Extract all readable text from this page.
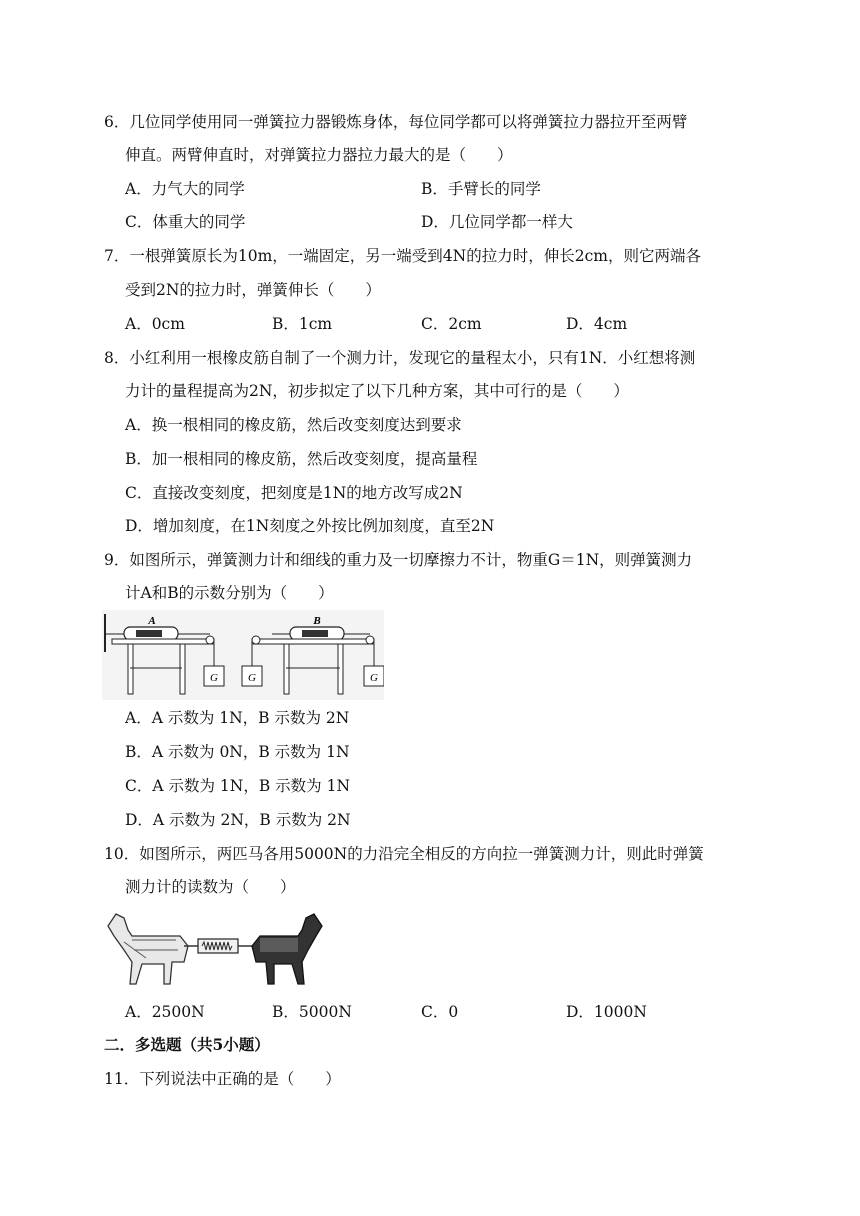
6．几位同学使用同一弹簧拉力器锻炼身体，每位同学都可以将弹簧拉力器拉开至两臂
伸直。两臂伸直时，对弹簧拉力器拉力最大的是（　　）
A．力气大的同学	B．手臂长的同学
C．体重大的同学	D．几位同学都一样大
7．一根弹簧原长为10m，一端固定，另一端受到4N的拉力时，伸长2cm，则它两端各
受到2N的拉力时，弹簧伸长（　　）
A．0cm	B．1cm	C．2cm	D．4cm
8．小红利用一根橡皮筋自制了一个测力计，发现它的量程太小，只有1N．小红想将测
力计的量程提高为2N，初步拟定了以下几种方案，其中可行的是（　　）
A．换一根相同的橡皮筋，然后改变刻度达到要求
B．加一根相同的橡皮筋，然后改变刻度，提高量程
C．直接改变刻度，把刻度是1N的地方改写成2N
D．增加刻度，在1N刻度之外按比例加刻度，直至2N
9．如图所示，弹簧测力计和细线的重力及一切摩擦力不计，物重G＝1N，则弹簧测力
计A和B的示数分别为（　　）
G
A
G	G
B
A．A 示数为 1N，B 示数为 2N
B．A 示数为 0N，B 示数为 1N
C．A 示数为 1N，B 示数为 1N
D．A 示数为 2N，B 示数为 2N
10．如图所示，两匹马各用5000N的力沿完全相反的方向拉一弹簧测力计，则此时弹簧
测力计的读数为（　　）
A．2500N	B．5000N	C．0	D．1000N
二．多选题（共5小题）
11．下列说法中正确的是（　　）
